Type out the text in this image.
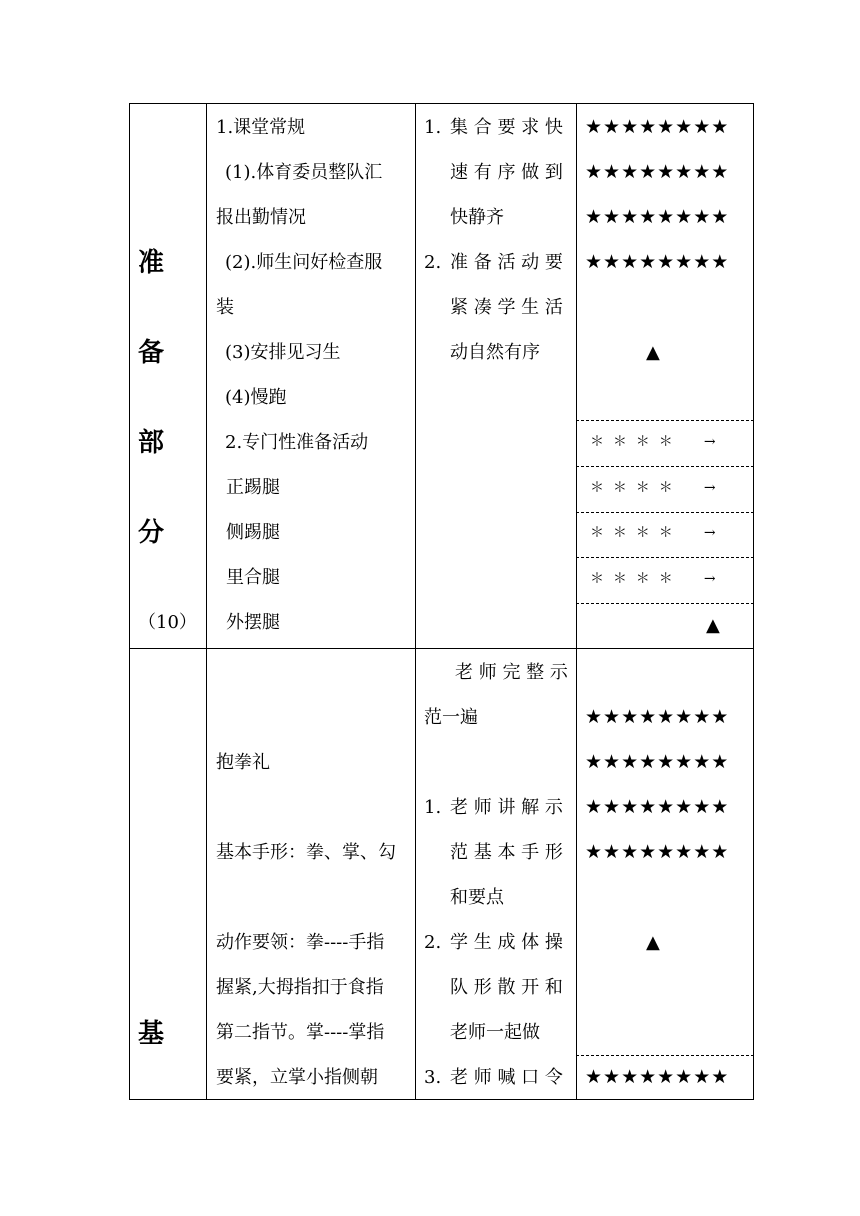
准
备
部
分
（10）
1.课堂常规
(1).体育委员整队汇
报出勤情况
(2).师生问好检查服
装
(3)安排见习生
(4)慢跑
2.专门性准备活动
正踢腿
侧踢腿
里合腿
外摆腿
1. 集 合 要 求 快
速 有 序 做 到
快静齐
2. 准 备 活 动 要
紧 凑 学 生 活
动自然有序
★★★★★★★★
★★★★★★★★
★★★★★★★★
★★★★★★★★
▲
＊  ＊  ＊  ＊       →
＊  ＊  ＊  ＊       →
＊  ＊  ＊  ＊       →
＊  ＊  ＊  ＊       →
▲
基
抱拳礼
基本手形：拳、掌、勾
动作要领：拳----手指
握紧,大拇指扣于食指
第二指节。掌----掌指
要紧，立掌小指侧朝
老 师 完 整 示
范一遍
1. 老 师 讲 解 示
范 基 本 手 形
和要点
2. 学 生 成 体 操
队 形 散 开 和
老师一起做
3. 老 师 喊 口 令
★★★★★★★★
★★★★★★★★
★★★★★★★★
★★★★★★★★
▲
★★★★★★★★
